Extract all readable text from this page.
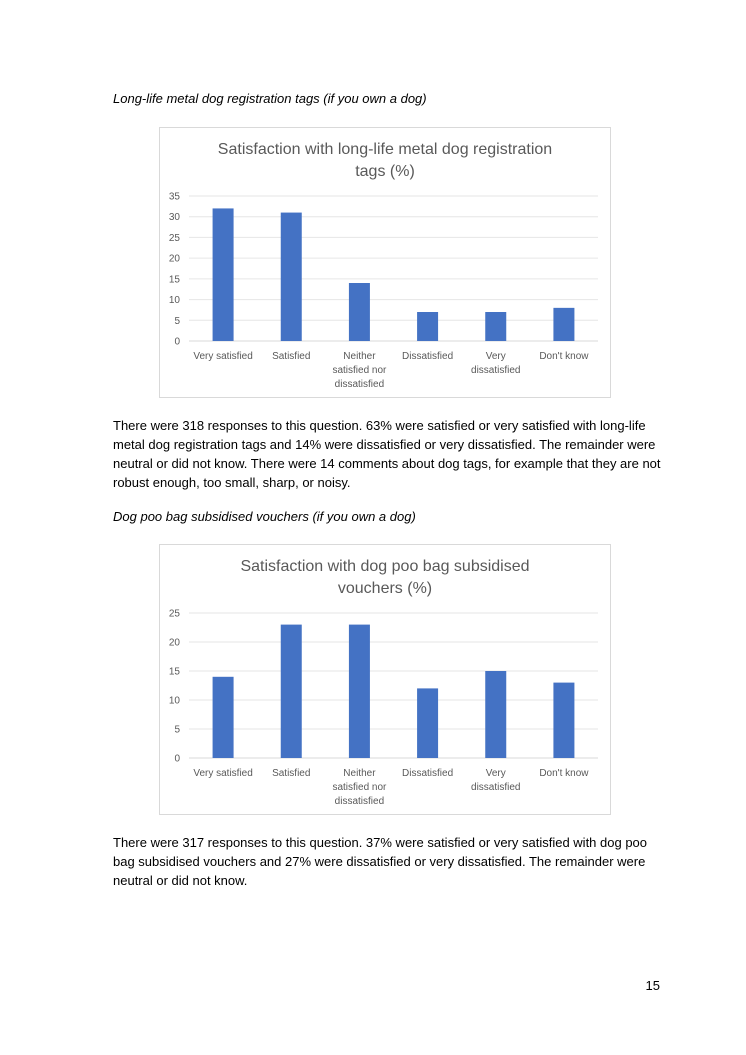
Long-life metal dog registration tags (if you own a dog)
Satisfaction with long-life metal dog registration
tags (%)
0
5
10
15
20
25
30
35
Very satisfied Satisfied	Neither
satisfied nor
dissatisfied
Dissatisfied	Very
dissatisfied
Don't know

There were 318 responses to this question. 63% were satisfied or very satisfied with long-life metal dog registration tags and 14% were dissatisfied or very dissatisfied. The remainder were neutral or did not know. There were 14 comments about dog tags, for example that they are not robust enough, too small, sharp, or noisy.

Dog poo bag subsidised vouchers (if you own a dog)
Satisfaction with dog poo bag subsidised
vouchers (%)
0
5
10
15
20
25
Very satisfied Satisfied	Neither
satisfied nor
dissatisfied
Dissatisfied	Very
dissatisfied
Don't know

There were 317 responses to this question. 37% were satisfied or very satisfied with dog poo bag subsidised vouchers and 27% were dissatisfied or very dissatisfied. The remainder were neutral or did not know.

15
